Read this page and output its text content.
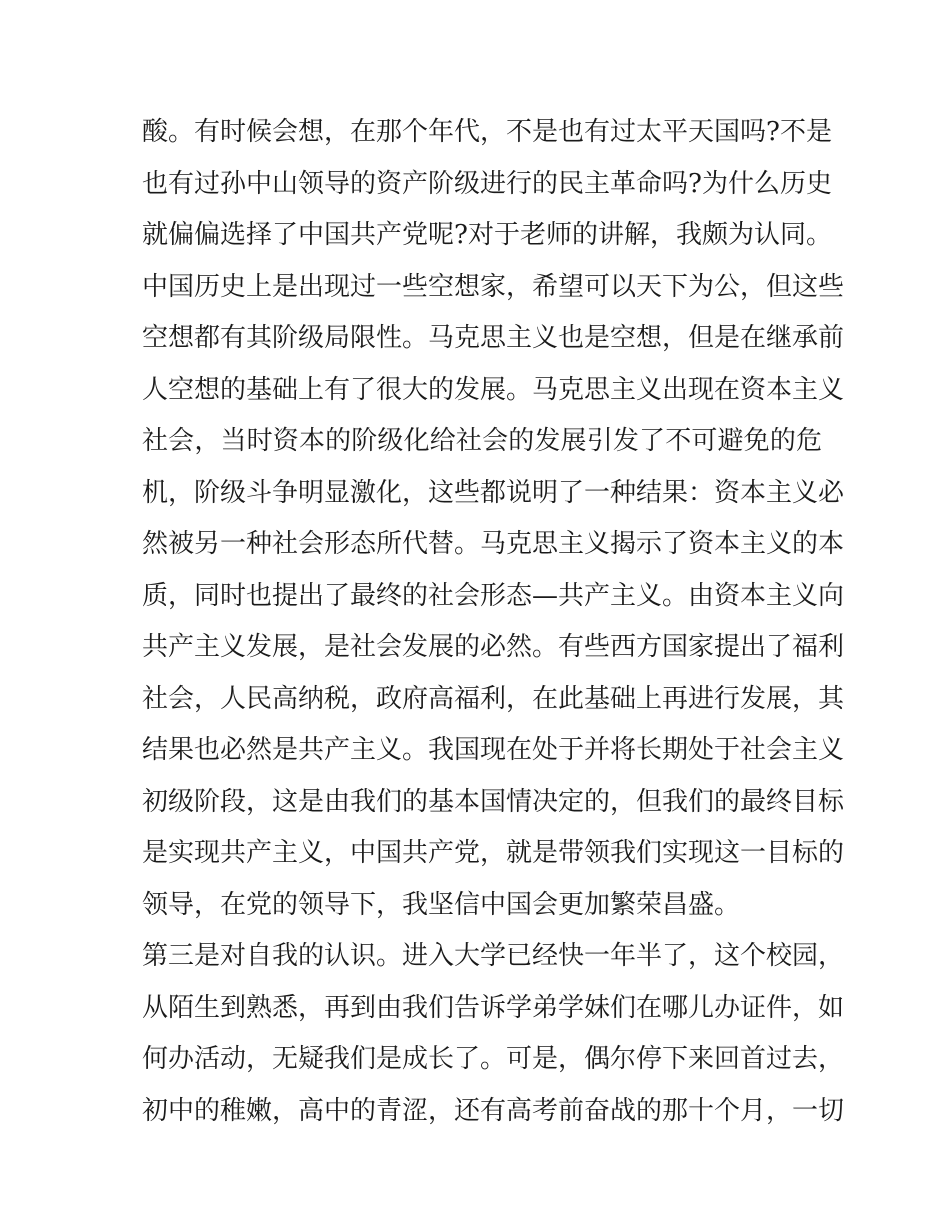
酸。有时候会想，在那个年代，不是也有过太平天国吗?不是
也有过孙中山领导的资产阶级进行的民主革命吗?为什么历史
就偏偏选择了中国共产党呢?对于老师的讲解，我颇为认同。
中国历史上是出现过一些空想家，希望可以天下为公，但这些
空想都有其阶级局限性。马克思主义也是空想，但是在继承前
人空想的基础上有了很大的发展。马克思主义出现在资本主义
社会，当时资本的阶级化给社会的发展引发了不可避免的危
机，阶级斗争明显激化，这些都说明了一种结果：资本主义必
然被另一种社会形态所代替。马克思主义揭示了资本主义的本
质，同时也提出了最终的社会形态—共产主义。由资本主义向
共产主义发展，是社会发展的必然。有些西方国家提出了福利
社会，人民高纳税，政府高福利，在此基础上再进行发展，其
结果也必然是共产主义。我国现在处于并将长期处于社会主义
初级阶段，这是由我们的基本国情决定的，但我们的最终目标
是实现共产主义，中国共产党，就是带领我们实现这一目标的
领导，在党的领导下，我坚信中国会更加繁荣昌盛。
第三是对自我的认识。进入大学已经快一年半了，这个校园，
从陌生到熟悉，再到由我们告诉学弟学妹们在哪儿办证件，如
何办活动，无疑我们是成长了。可是，偶尔停下来回首过去，
初中的稚嫩，高中的青涩，还有高考前奋战的那十个月，一切
